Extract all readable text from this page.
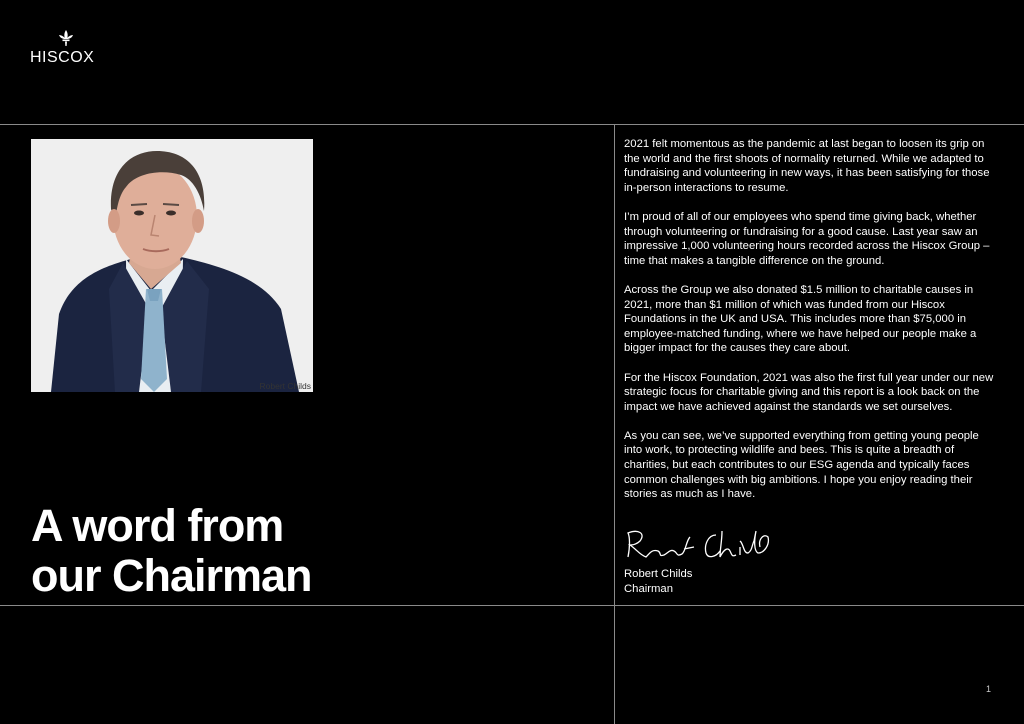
HISCOX
Robert Childs
A word from
our Chairman

2021 felt momentous as the pandemic at last began to loosen its grip on the world and the first shoots of normality returned. While we adapted to fundraising and volunteering in new ways, it has been satisfying for those in-person interactions to resume.

I’m proud of all of our employees who spend time giving back, whether through volunteering or fundraising for a good cause. Last year saw an impressive 1,000 volunteering hours recorded across the Hiscox Group – time that makes a tangible difference on the ground.

Across the Group we also donated $1.5 million to charitable causes in 2021, more than $1 million of which was funded from our Hiscox Foundations in the UK and USA. This includes more than $75,000 in employee-matched funding, where we have helped our people make a bigger impact for the causes they care about.

For the Hiscox Foundation, 2021 was also the first full year under our new strategic focus for charitable giving and this report is a look back on the impact we have achieved against the standards we set ourselves.

As you can see, we’ve supported everything from getting young people into work, to protecting wildlife and bees. This is quite a breadth of charities, but each contributes to our ESG agenda and typically faces common challenges with big ambitions. I hope you enjoy reading their stories as much as I have.

Robert Childs
Chairman
1
